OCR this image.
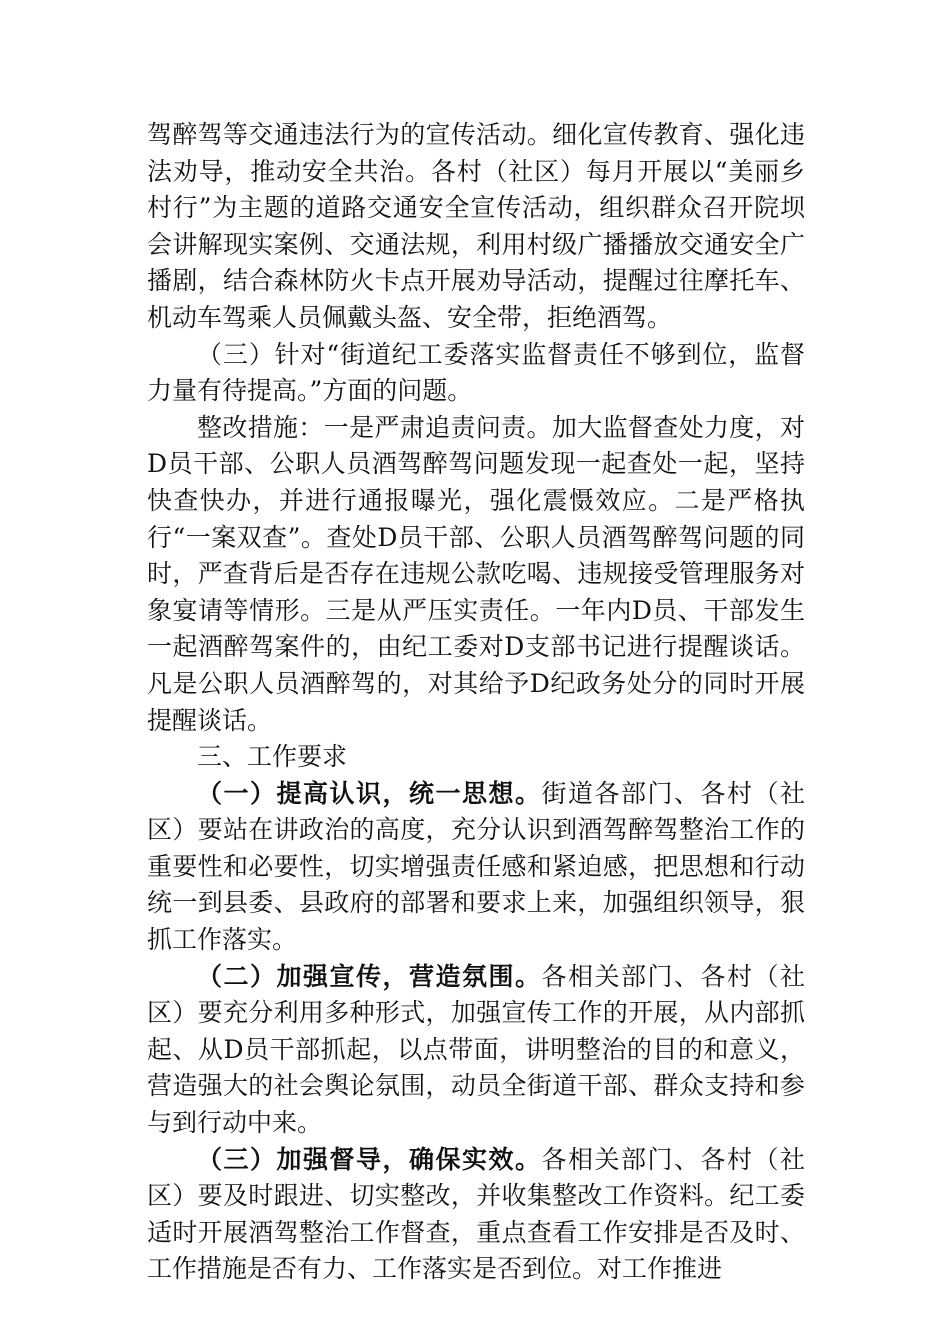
驾醉驾等交通违法行为的宣传活动。细化宣传教育、强化违法劝导，推动安全共治。各村（社区）每月开展以“美丽乡村行”为主题的道路交通安全宣传活动，组织群众召开院坝会讲解现实案例、交通法规，利用村级广播播放交通安全广播剧，结合森林防火卡点开展劝导活动，提醒过往摩托车、机动车驾乘人员佩戴头盔、安全带，拒绝酒驾。

（三）针对“街道纪工委落实监督责任不够到位，监督力量有待提高。”方面的问题。

整改措施：一是严肃追责问责。加大监督查处力度，对D员干部、公职人员酒驾醉驾问题发现一起查处一起，坚持快查快办，并进行通报曝光，强化震慑效应。二是严格执行“一案双查”。查处D员干部、公职人员酒驾醉驾问题的同时，严查背后是否存在违规公款吃喝、违规接受管理服务对象宴请等情形。三是从严压实责任。一年内D员、干部发生一起酒醉驾案件的，由纪工委对D支部书记进行提醒谈话。凡是公职人员酒醉驾的，对其给予D纪政务处分的同时开展提醒谈话。

三、工作要求

（一）提高认识，统一思想。街道各部门、各村（社区）要站在讲政治的高度，充分认识到酒驾醉驾整治工作的重要性和必要性，切实增强责任感和紧迫感，把思想和行动统一到县委、县政府的部署和要求上来，加强组织领导，狠抓工作落实。

（二）加强宣传，营造氛围。各相关部门、各村（社区）要充分利用多种形式，加强宣传工作的开展，从内部抓起、从D员干部抓起，以点带面，讲明整治的目的和意义，营造强大的社会舆论氛围，动员全街道干部、群众支持和参与到行动中来。

（三）加强督导，确保实效。各相关部门、各村（社区）要及时跟进、切实整改，并收集整改工作资料。纪工委适时开展酒驾整治工作督查，重点查看工作安排是否及时、工作措施是否有力、工作落实是否到位。对工作推进
